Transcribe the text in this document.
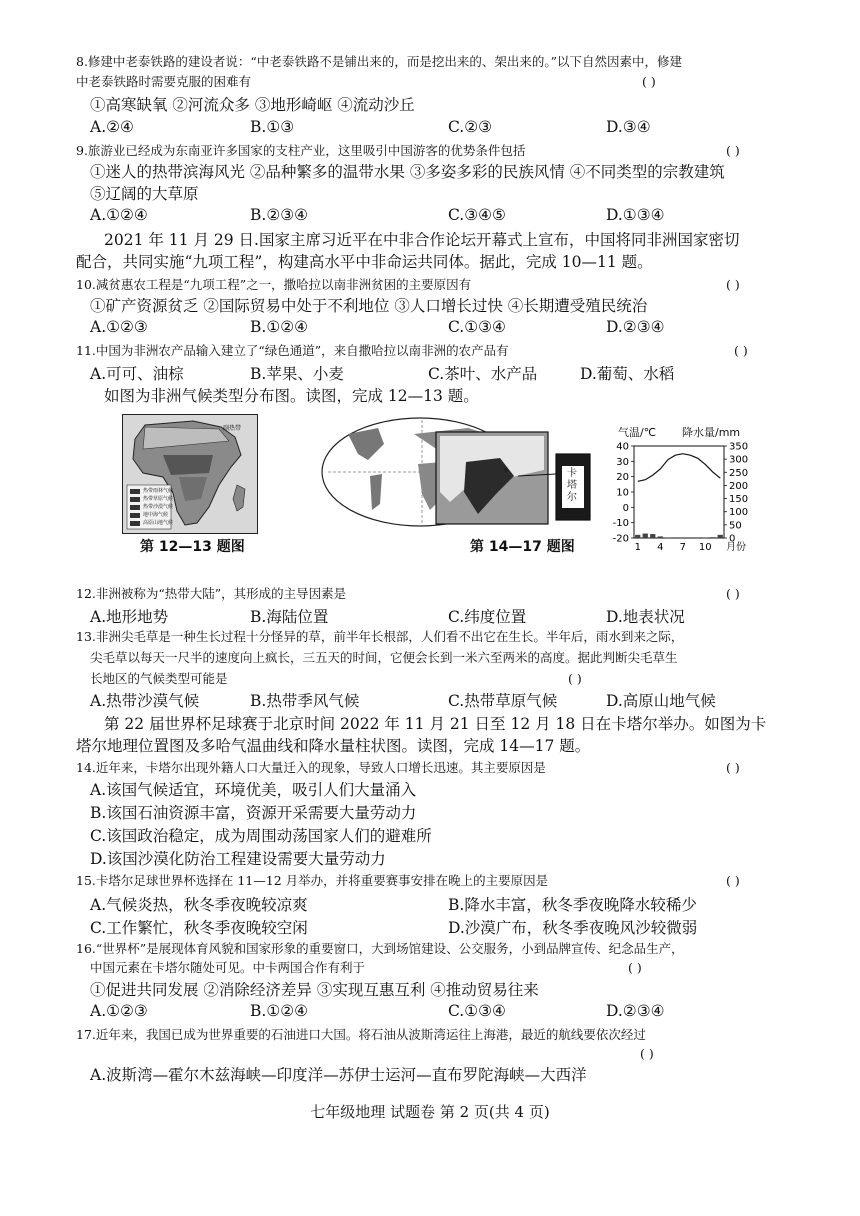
8.修建中老泰铁路的建设者说：“中老泰铁路不是铺出来的，而是挖出来的、架出来的。”以下自然因素中，修建
中老泰铁路时需要克服的困难有	( )
①高寒缺氧 ②河流众多 ③地形崎岖 ④流动沙丘
A.②④	B.①③	C.②③	D.③④
9.旅游业已经成为东南亚许多国家的支柱产业，这里吸引中国游客的优势条件包括	( )
①迷人的热带滨海风光 ②品种繁多的温带水果 ③多姿多彩的民族风情 ④不同类型的宗教建筑
⑤辽阔的大草原
A.①②④	B.②③④	C.③④⑤	D.①③④
2021 年 11 月 29 日.国家主席习近平在中非合作论坛开幕式上宣布，中国将同非洲国家密切
配合，共同实施“九项工程”，构建高水平中非命运共同体。据此，完成 10—11 题。
10.减贫惠农工程是“九项工程”之一，撒哈拉以南非洲贫困的主要原因有	( )
①矿产资源贫乏 ②国际贸易中处于不利地位 ③人口增长过快 ④长期遭受殖民统治
A.①②③	B.①②④	C.①③④	D.②③④
11.中国为非洲农产品输入建立了“绿色通道”，来自撒哈拉以南非洲的农产品有	( )
A.可可、油棕	B.苹果、小麦	C.茶叶、水产品	D.葡萄、水稻
如图为非洲气候类型分布图。读图，完成 12—13 题。
副热带
热带雨林气候
热带草原气候
热带沙漠气候
地中海气候
高原山地气候
卡塔尔
气温/℃ 降水量/mm
40
30
20
10
0
-10
-20
350
300
250
200
150
100
50
0
1 4 7 10 月份
第 12—13 题图	第 14—17 题图
12.非洲被称为“热带大陆”，其形成的主导因素是	( )
A.地形地势	B.海陆位置	C.纬度位置	D.地表状况
13.非洲尖毛草是一种生长过程十分怪异的草，前半年长根部，人们看不出它在生长。半年后，雨水到来之际，
尖毛草以每天一尺半的速度向上疯长，三五天的时间，它便会长到一米六至两米的高度。据此判断尖毛草生
长地区的气候类型可能是	( )
A.热带沙漠气候	B.热带季风气候	C.热带草原气候	D.高原山地气候
第 22 届世界杯足球赛于北京时间 2022 年 11 月 21 日至 12 月 18 日在卡塔尔举办。如图为卡
塔尔地理位置图及多哈气温曲线和降水量柱状图。读图，完成 14—17 题。
14.近年来，卡塔尔出现外籍人口大量迁入的现象，导致人口增长迅速。其主要原因是	( )
A.该国气候适宜，环境优美，吸引人们大量涌入
B.该国石油资源丰富，资源开采需要大量劳动力
C.该国政治稳定，成为周围动荡国家人们的避难所
D.该国沙漠化防治工程建设需要大量劳动力
15.卡塔尔足球世界杯选择在 11—12 月举办，并将重要赛事安排在晚上的主要原因是	( )
A.气候炎热，秋冬季夜晚较凉爽	B.降水丰富，秋冬季夜晚降水较稀少
C.工作繁忙，秋冬季夜晚较空闲	D.沙漠广布，秋冬季夜晚风沙较微弱
16.“世界杯”是展现体育风貌和国家形象的重要窗口，大到场馆建设、公交服务，小到品牌宣传、纪念品生产，
中国元素在卡塔尔随处可见。中卡两国合作有利于	( )
①促进共同发展 ②消除经济差异 ③实现互惠互利 ④推动贸易往来
A.①②③	B.①②④	C.①③④	D.②③④
17.近年来，我国已成为世界重要的石油进口大国。将石油从波斯湾运往上海港，最近的航线要依次经过
( )
A.波斯湾—霍尔木兹海峡—印度洋—苏伊士运河—直布罗陀海峡—大西洋
七年级地理 试题卷 第 2 页(共 4 页)
